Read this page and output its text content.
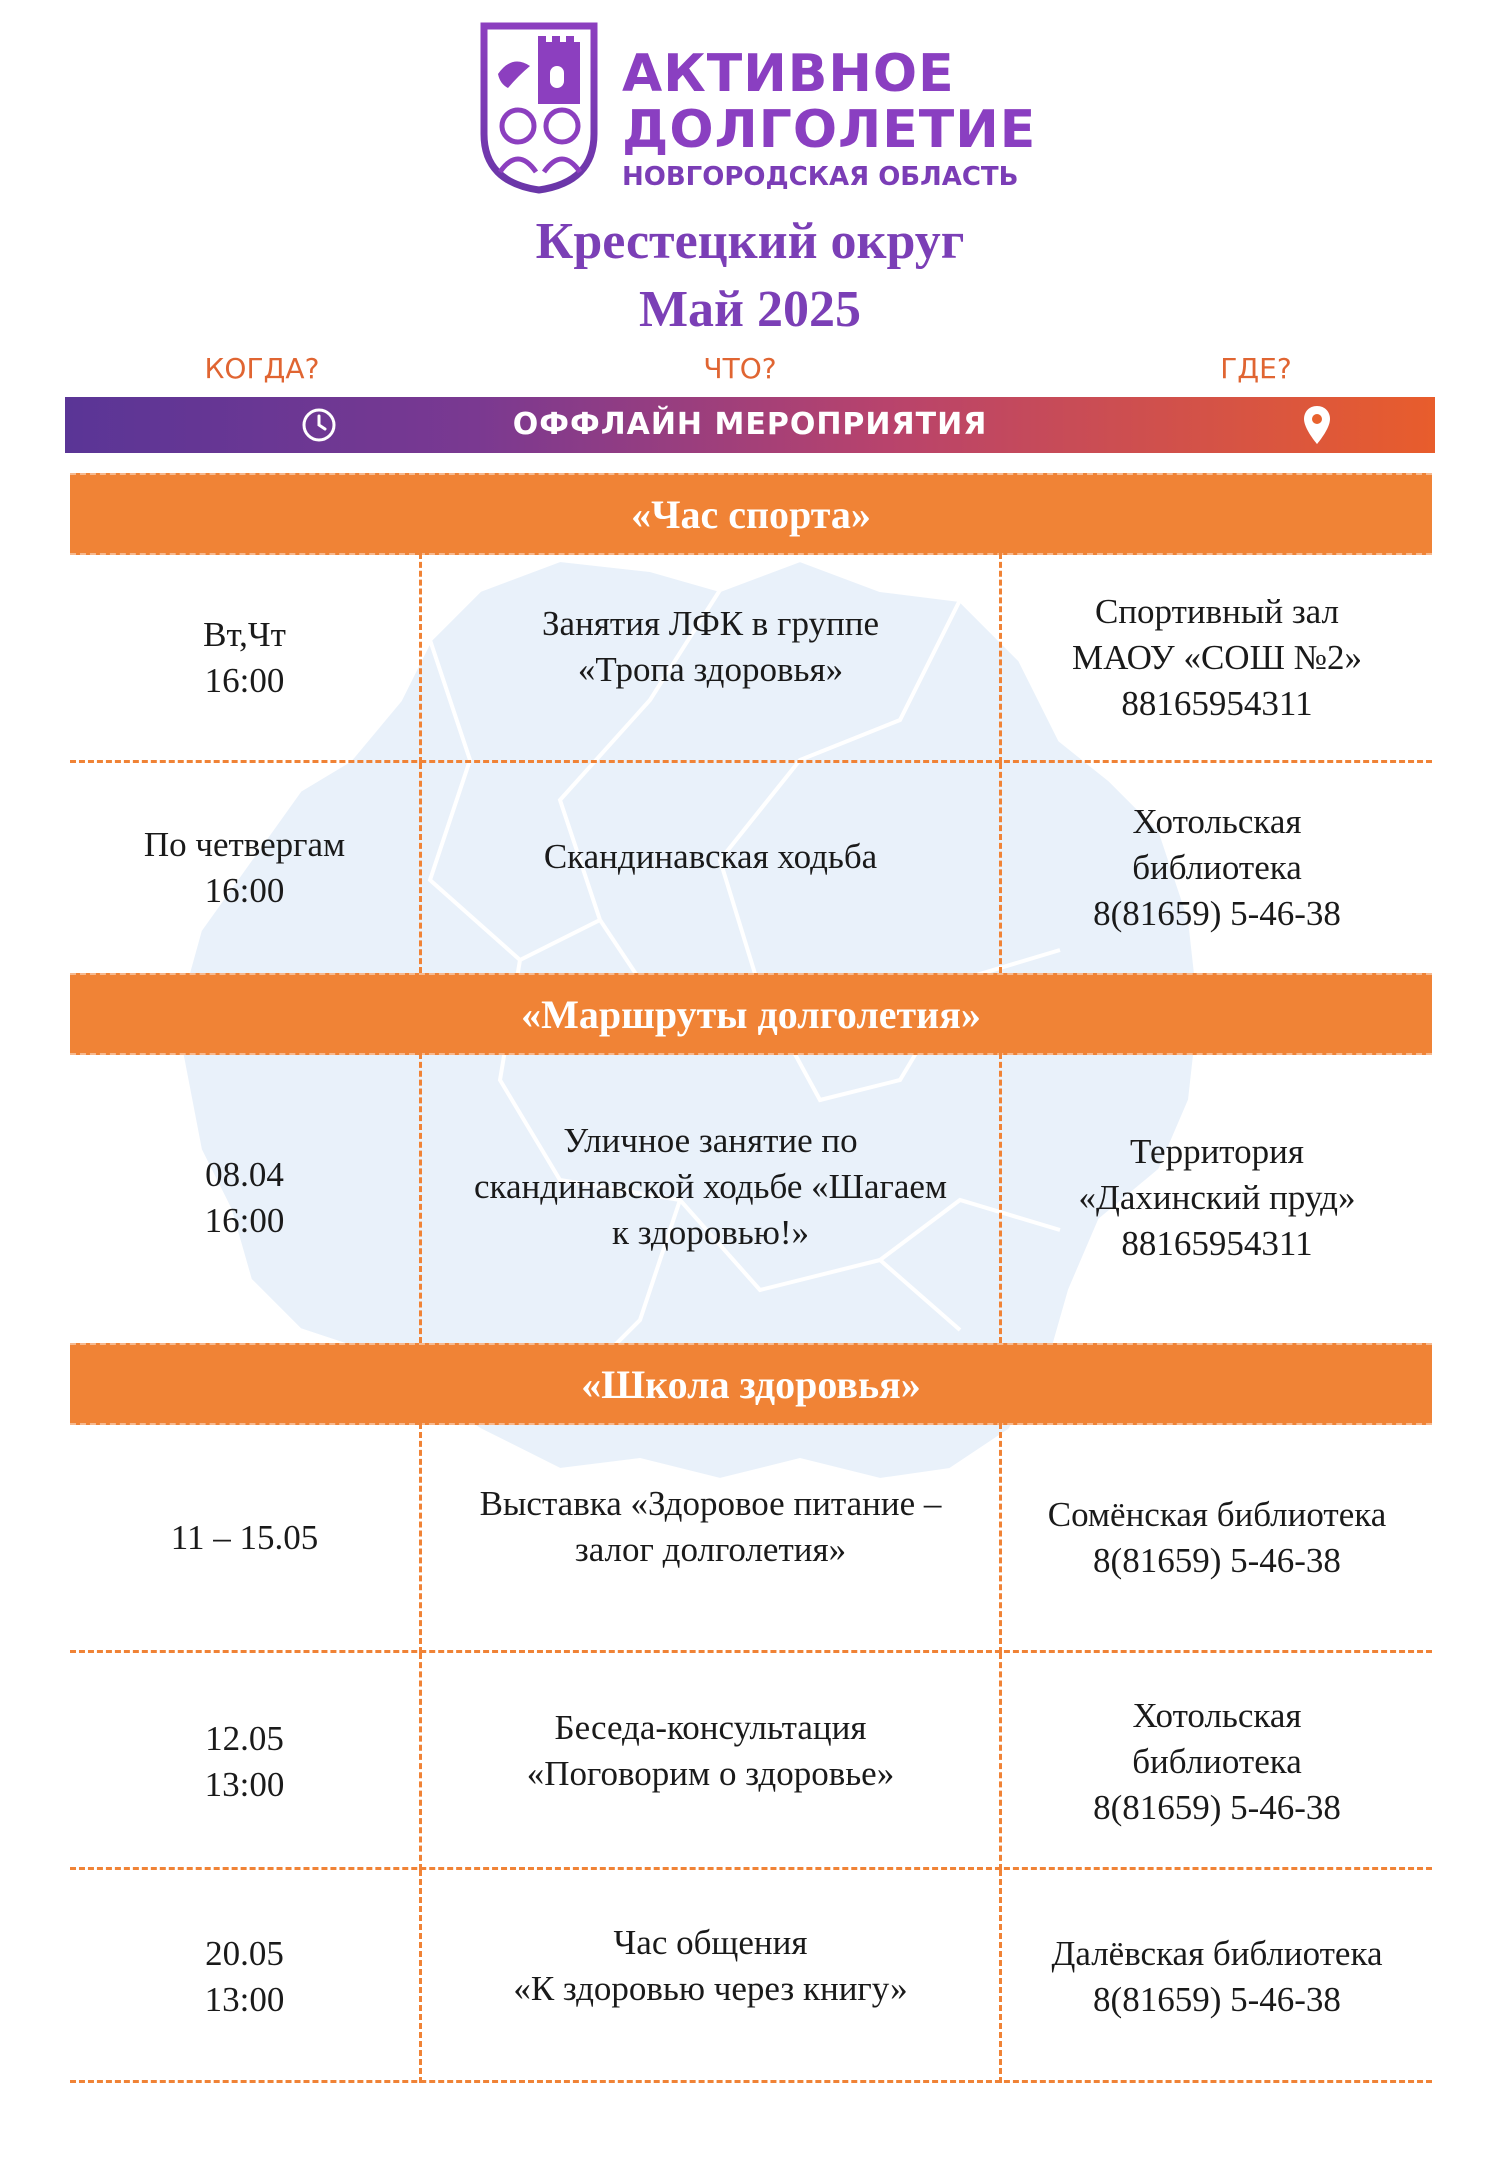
АКТИВНОЕ
ДОЛГОЛЕТИЕ
НОВГОРОДСКАЯ ОБЛАСТЬ
Крестецкий округ
Май 2025
КОГДА?	ЧТО?	ГДЕ?
ОФФЛАЙН МЕРОПРИЯТИЯ
«Час спорта»
Вт,Чт
16:00
Занятия ЛФК в группе
«Тропа здоровья»
Спортивный зал
МАОУ «СОШ №2»
88165954311
По четвергам
16:00
Скандинавская ходьба
Хотольская
библиотека
8(81659) 5-46-38
«Маршруты долголетия»
08.04
16:00
Уличное занятие по
скандинавской ходьбе «Шагаем
к здоровью!»
Территория
«Дахинский пруд»
88165954311
«Школа здоровья»
11 – 15.05
Выставка «Здоровое питание –
залог долголетия»
Сомёнская библиотека
8(81659) 5-46-38
12.05
13:00
Беседа-консультация
«Поговорим о здоровье»
Хотольская
библиотека
8(81659) 5-46-38
20.05
13:00
Час общения
«К здоровью через книгу»
Далёвская библиотека
8(81659) 5-46-38
